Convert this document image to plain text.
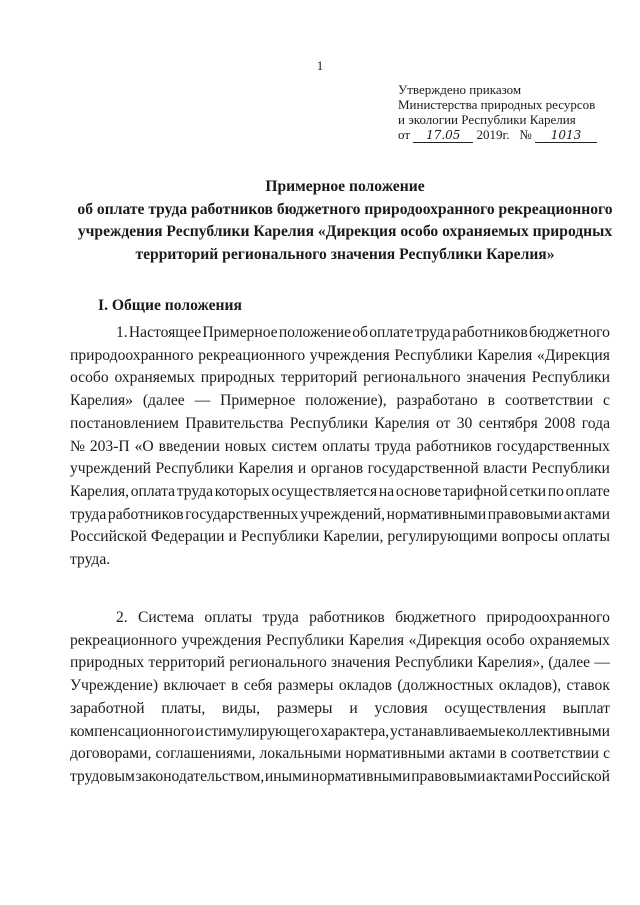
1
Утверждено приказом
Министерства природных ресурсов
и экологии Республики Карелия
от 17.05 2019г. № 1013
Примерное положение
об оплате труда работников бюджетного природоохранного рекреационного
учреждения Республики Карелия «Дирекция особо охраняемых природных
территорий регионального значения Республики Карелия»
I. Общие положения
1. Настоящее Примерное положение об оплате труда работников бюджетного
природоохранного рекреационного учреждения Республики Карелия «Дирекция
особо охраняемых природных территорий регионального значения Республики
Карелия» (далее — Примерное положение), разработано в соответствии с
постановлением Правительства Республики Карелия от 30 сентября 2008 года
№ 203-П «О введении новых систем оплаты труда работников государственных
учреждений Республики Карелия и органов государственной власти Республики
Карелия, оплата труда которых осуществляется на основе тарифной сетки по оплате
труда работников государственных учреждений, нормативными правовыми актами
Российской Федерации и Республики Карелии, регулирующими вопросы оплаты
труда.
2. Система оплаты труда работников бюджетного природоохранного
рекреационного учреждения Республики Карелия «Дирекция особо охраняемых
природных территорий регионального значения Республики Карелия», (далее —
Учреждение) включает в себя размеры окладов (должностных окладов), ставок
заработной платы, виды, размеры и условия осуществления выплат
компенсационного и стимулирующего характера, устанавливаемые коллективными
договорами, соглашениями, локальными нормативными актами в соответствии с
трудовым законодательством, иными нормативными правовыми актами Российской
